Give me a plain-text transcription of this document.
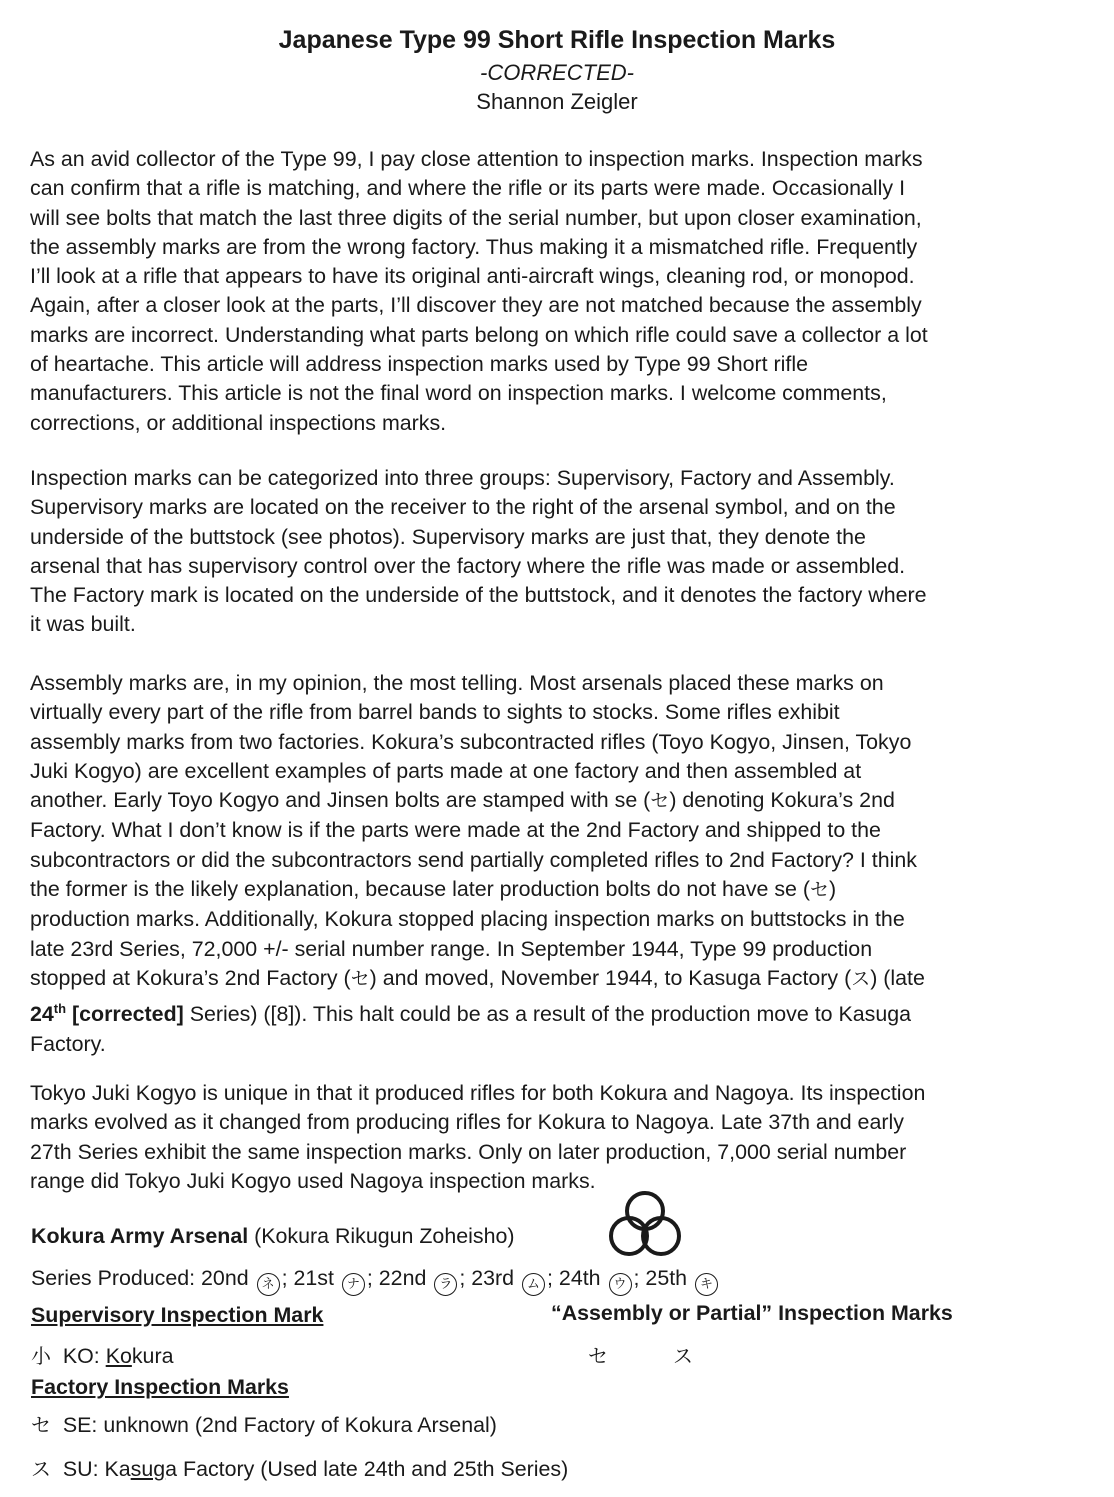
Japanese Type 99 Short Rifle Inspection Marks
-CORRECTED-
Shannon Zeigler
As an avid collector of the Type 99, I pay close attention to inspection marks. Inspection marks
can confirm that a rifle is matching, and where the rifle or its parts were made. Occasionally I
will see bolts that match the last three digits of the serial number, but upon closer examination,
the assembly marks are from the wrong factory. Thus making it a mismatched rifle. Frequently
I’ll look at a rifle that appears to have its original anti-aircraft wings, cleaning rod, or monopod.
Again, after a closer look at the parts, I’ll discover they are not matched because the assembly
marks are incorrect. Understanding what parts belong on which rifle could save a collector a lot
of heartache. This article will address inspection marks used by Type 99 Short rifle
manufacturers. This article is not the final word on inspection marks. I welcome comments,
corrections, or additional inspections marks.
Inspection marks can be categorized into three groups: Supervisory, Factory and Assembly.
Supervisory marks are located on the receiver to the right of the arsenal symbol, and on the
underside of the buttstock (see photos). Supervisory marks are just that, they denote the
arsenal that has supervisory control over the factory where the rifle was made or assembled.
The Factory mark is located on the underside of the buttstock, and it denotes the factory where
it was built.
Assembly marks are, in my opinion, the most telling. Most arsenals placed these marks on
virtually every part of the rifle from barrel bands to sights to stocks. Some rifles exhibit
assembly marks from two factories. Kokura’s subcontracted rifles (Toyo Kogyo, Jinsen, Tokyo
Juki Kogyo) are excellent examples of parts made at one factory and then assembled at
another. Early Toyo Kogyo and Jinsen bolts are stamped with se (セ) denoting Kokura’s 2nd
Factory. What I don’t know is if the parts were made at the 2nd Factory and shipped to the
subcontractors or did the subcontractors send partially completed rifles to 2nd Factory? I think
the former is the likely explanation, because later production bolts do not have se (セ)
production marks. Additionally, Kokura stopped placing inspection marks on buttstocks in the
late 23rd Series, 72,000 +/- serial number range. In September 1944, Type 99 production
stopped at Kokura’s 2nd Factory (セ) and moved, November 1944, to Kasuga Factory (ス) (late
24th [corrected] Series) ([8]). This halt could be as a result of the production move to Kasuga
Factory.
Tokyo Juki Kogyo is unique in that it produced rifles for both Kokura and Nagoya. Its inspection
marks evolved as it changed from producing rifles for Kokura to Nagoya. Late 37th and early
27th Series exhibit the same inspection marks. Only on later production, 7,000 serial number
range did Tokyo Juki Kogyo used Nagoya inspection marks.
Kokura Army Arsenal (Kokura Rikugun Zoheisho)
Series Produced: 20nd ネ ; 21st ナ ; 22nd ラ ; 23rd ム ; 24th ウ ; 25th キ
Supervisory Inspection Mark	“Assembly or Partial” Inspection Marks
小 KO: Kokura	セ	ス
Factory Inspection Marks
セ SE: unknown (2nd Factory of Kokura Arsenal)
ス SU: Kasuga Factory (Used late 24th and 25th Series)
